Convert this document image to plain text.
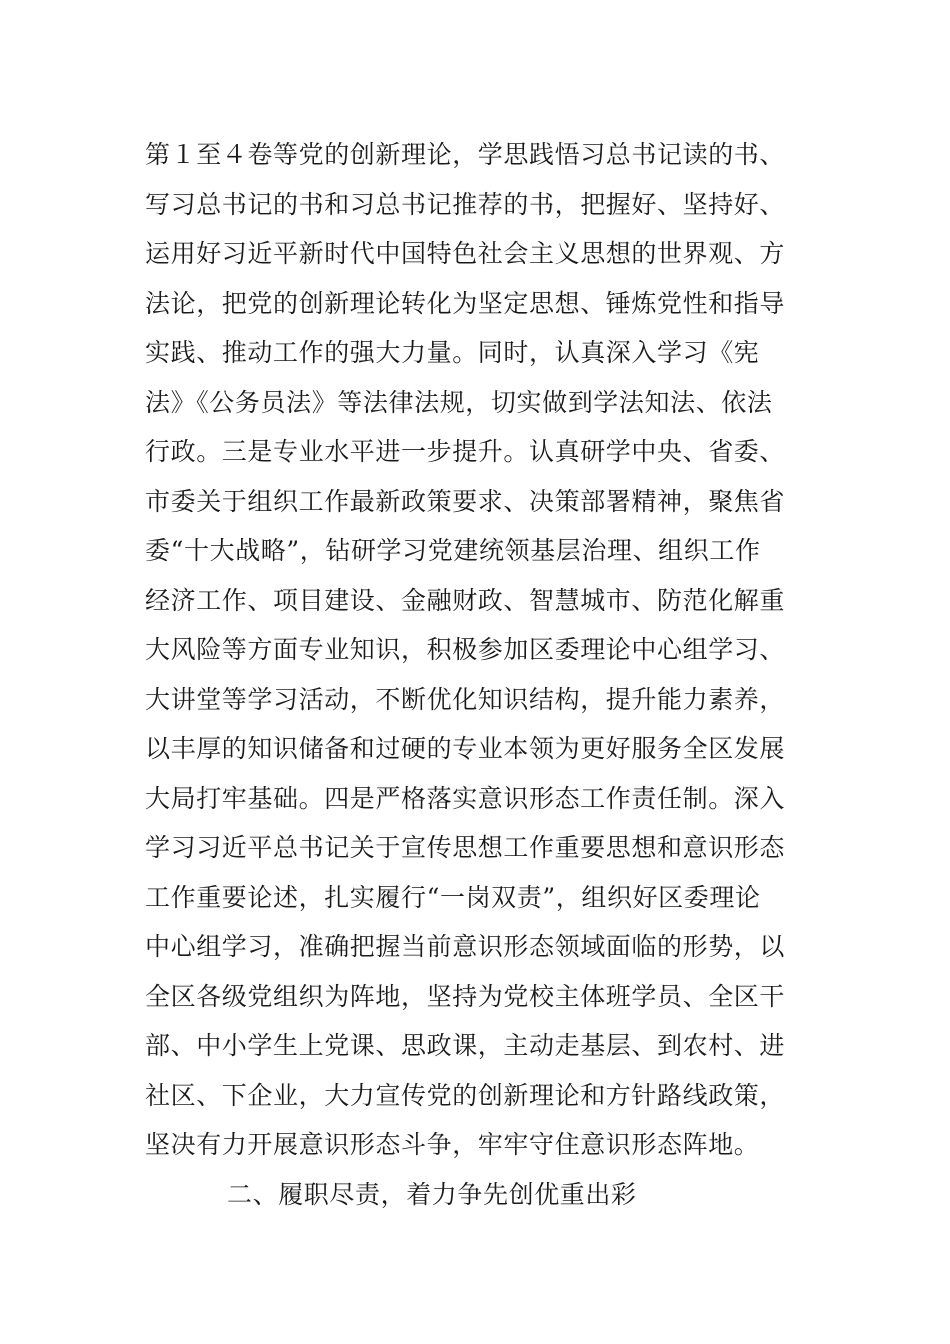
第１至４卷等党的创新理论，学思践悟习总书记读的书、
写习总书记的书和习总书记推荐的书，把握好、坚持好、
运用好习近平新时代中国特色社会主义思想的世界观、方
法论，把党的创新理论转化为坚定思想、锤炼党性和指导
实践、推动工作的强大力量。同时，认真深入学习《宪
法》《公务员法》等法律法规，切实做到学法知法、依法
行政。三是专业水平进一步提升。认真研学中央、省委、
市委关于组织工作最新政策要求、决策部署精神，聚焦省
委“十大战略”，钻研学习党建统领基层治理、组织工作
经济工作、项目建设、金融财政、智慧城市、防范化解重
大风险等方面专业知识，积极参加区委理论中心组学习、
大讲堂等学习活动，不断优化知识结构，提升能力素养，
以丰厚的知识储备和过硬的专业本领为更好服务全区发展
大局打牢基础。四是严格落实意识形态工作责任制。深入
学习习近平总书记关于宣传思想工作重要思想和意识形态
工作重要论述，扎实履行“一岗双责”，组织好区委理论
中心组学习，准确把握当前意识形态领域面临的形势，以
全区各级党组织为阵地，坚持为党校主体班学员、全区干
部、中小学生上党课、思政课，主动走基层、到农村、进
社区、下企业，大力宣传党的创新理论和方针路线政策，
坚决有力开展意识形态斗争，牢牢守住意识形态阵地。
二、履职尽责，着力争先创优重出彩
